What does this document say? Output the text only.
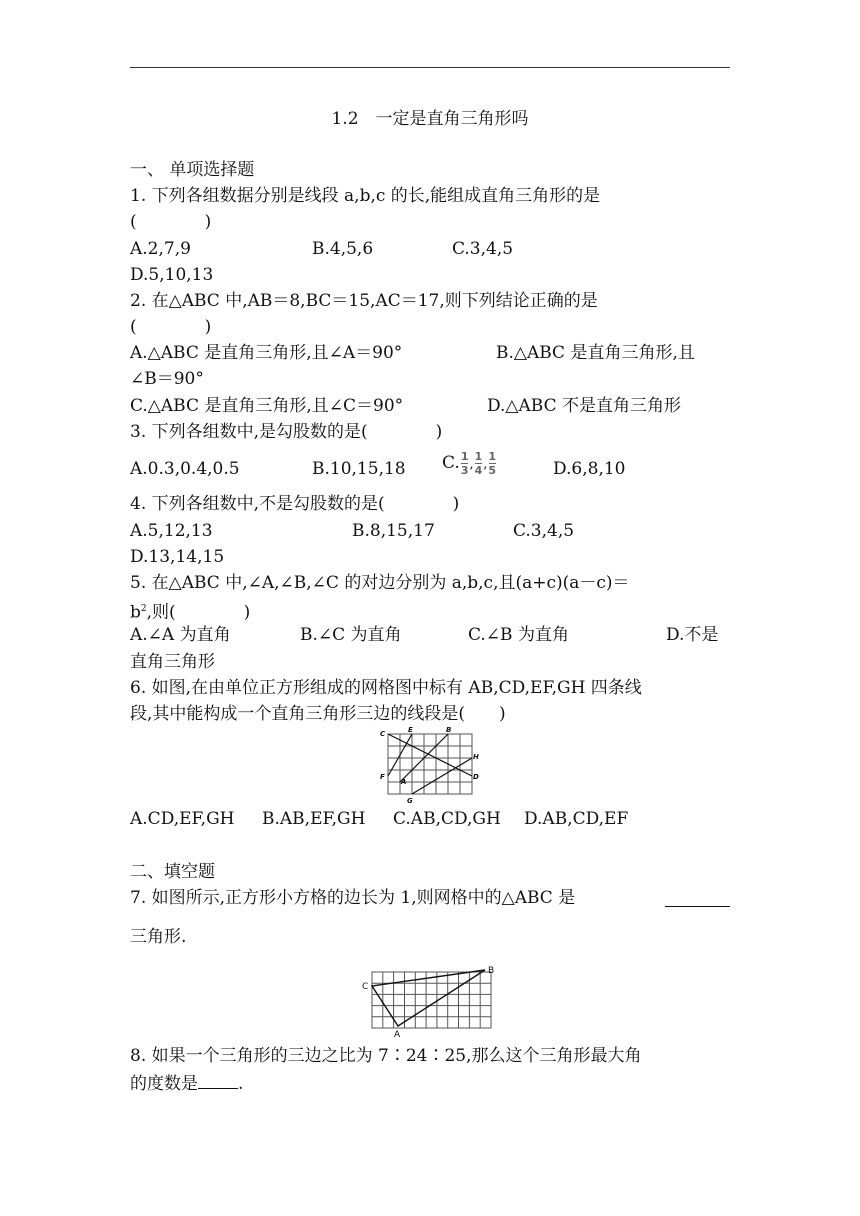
1.2　一定是直角三角形吗
一、 单项选择题
1. 下列各组数据分别是线段 a,b,c 的长,能组成直角三角形的是
(　　　　)
A.2,7,9	B.4,5,6	C.3,4,5
D.5,10,13
2. 在△ABC 中,AB＝8,BC＝15,AC＝17,则下列结论正确的是
(　　　　)
A.△ABC 是直角三角形,且∠A＝90°	B.△ABC 是直角三角形,且
∠B＝90°
C.△ABC 是直角三角形,且∠C＝90°	D.△ABC 不是直角三角形
3. 下列各组数中,是勾股数的是(　　　　)
A.0.3,0.4,0.5	B.10,15,18 C. $\frac{1}{3}$ , $\frac{1}{4}$ , $\frac{1}{5}$	D.6,8,10
4. 下列各组数中,不是勾股数的是(　　　　)
A.5,12,13	B.8,15,17	C.3,4,5
D.13,14,15
5. 在△ABC 中,∠A,∠B,∠C 的对边分别为 a,b,c,且(a+c)(a－c)＝
$b^2$,则(　　　　)
A.∠A 为直角	B.∠C 为直角	C.∠B 为直角	D.不是
直角三角形
6. 如图,在由单位正方形组成的网格图中标有 AB,CD,EF,GH 四条线
段,其中能构成一个直角三角形三边的线段是(　　)
C	E	B
H
F
A
D
G
A.CD,EF,GH B.AB,EF,GH C.AB,CD,GH D.AB,CD,EF
二、填空题
7. 如图所示,正方形小方格的边长为 1,则网格中的△ABC 是
三角形.
C
B
A
8. 如果一个三角形的三边之比为 7∶24∶25,那么这个三角形最大角
的度数是 .
